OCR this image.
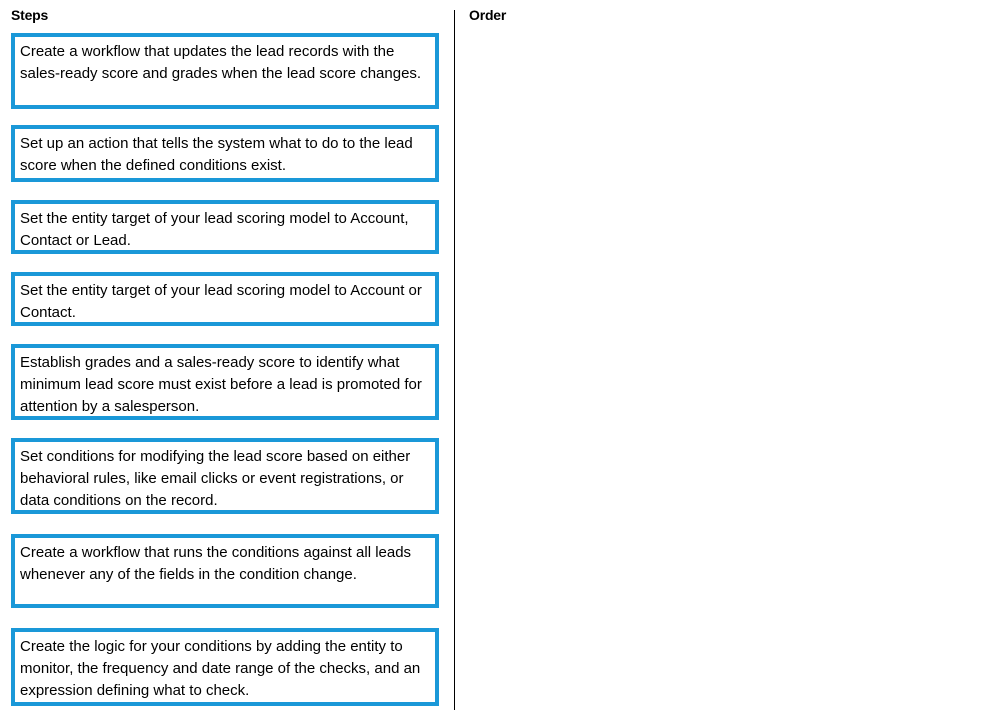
Steps	Order
Create a workflow that updates the lead records with the sales-ready score and grades when the lead score changes.
Set up an action that tells the system what to do to the lead score when the defined conditions exist.
Set the entity target of your lead scoring model to Account, Contact or Lead.
Set the entity target of your lead scoring model to Account or Contact.
Establish grades and a sales-ready score to identify what minimum lead score must exist before a lead is promoted for attention by a salesperson.
Set conditions for modifying the lead score based on either behavioral rules, like email clicks or event registrations, or data conditions on the record.
Create a workflow that runs the conditions against all leads whenever any of the fields in the condition change.
Create the logic for your conditions by adding the entity to monitor, the frequency and date range of the checks, and an expression defining what to check.
